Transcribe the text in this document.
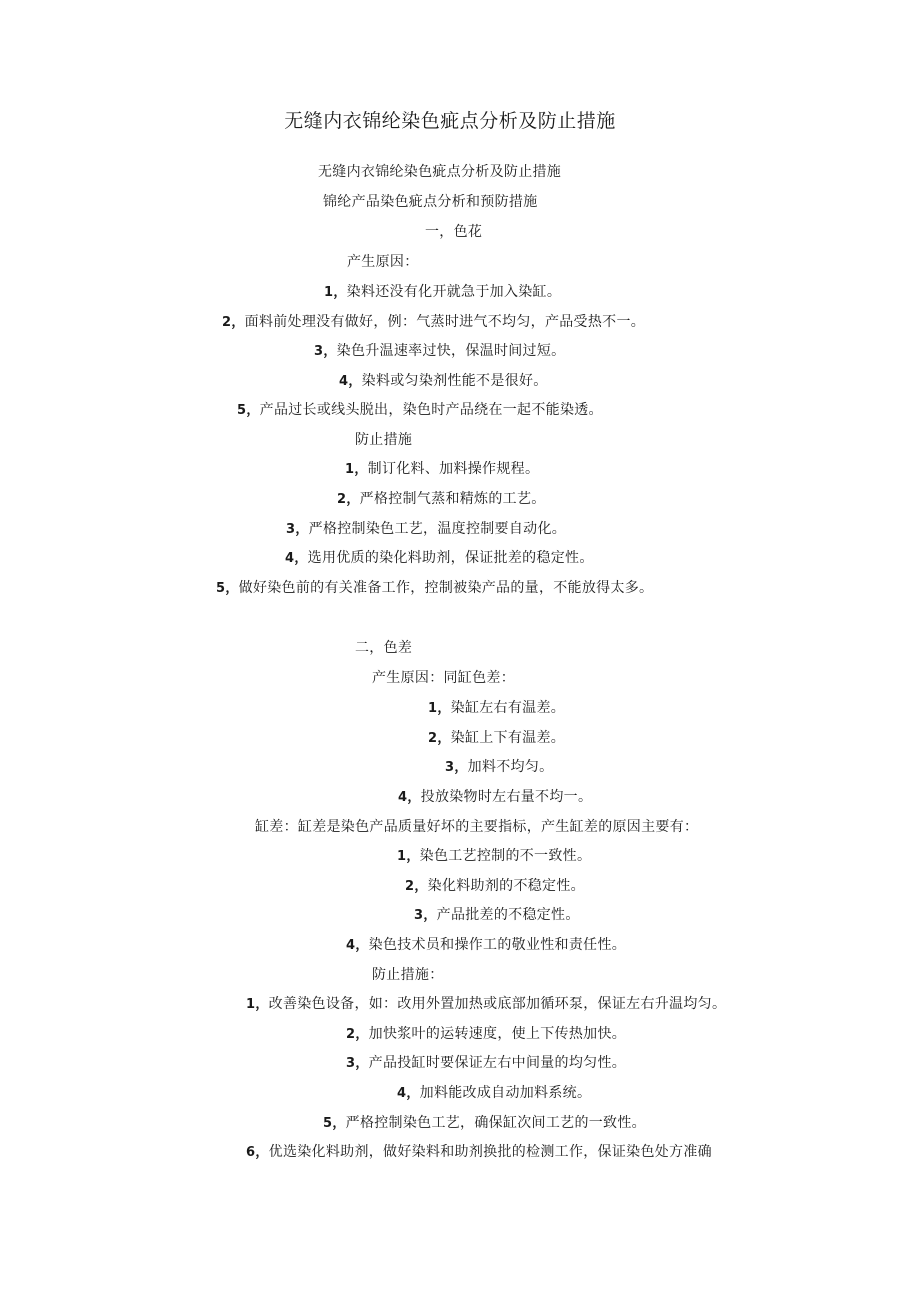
无缝内衣锦纶染色疵点分析及防止措施
无缝内衣锦纶染色疵点分析及防止措施
锦纶产品染色疵点分析和预防措施
一，色花
产生原因：
1，染料还没有化开就急于加入染缸。
2，面料前处理没有做好，例：气蒸时进气不均匀，产品受热不一。
3，染色升温速率过快，保温时间过短。
4，染料或匀染剂性能不是很好。
5，产品过长或线头脱出，染色时产品绕在一起不能染透。
防止措施
1，制订化料、加料操作规程。
2，严格控制气蒸和精炼的工艺。
3，严格控制染色工艺，温度控制要自动化。
4，选用优质的染化料助剂，保证批差的稳定性。
5，做好染色前的有关准备工作，控制被染产品的量，不能放得太多。
二，色差
产生原因：同缸色差：
1，染缸左右有温差。
2，染缸上下有温差。
3，加料不均匀。
4，投放染物时左右量不均一。
缸差：缸差是染色产品质量好坏的主要指标，产生缸差的原因主要有：
1，染色工艺控制的不一致性。
2，染化料助剂的不稳定性。
3，产品批差的不稳定性。
4，染色技术员和操作工的敬业性和责任性。
防止措施：
1，改善染色设备，如：改用外置加热或底部加循环泵，保证左右升温均匀。
2，加快浆叶的运转速度，使上下传热加快。
3，产品投缸时要保证左右中间量的均匀性。
4，加料能改成自动加料系统。
5，严格控制染色工艺，确保缸次间工艺的一致性。
6，优选染化料助剂，做好染料和助剂换批的检测工作，保证染色处方准确
